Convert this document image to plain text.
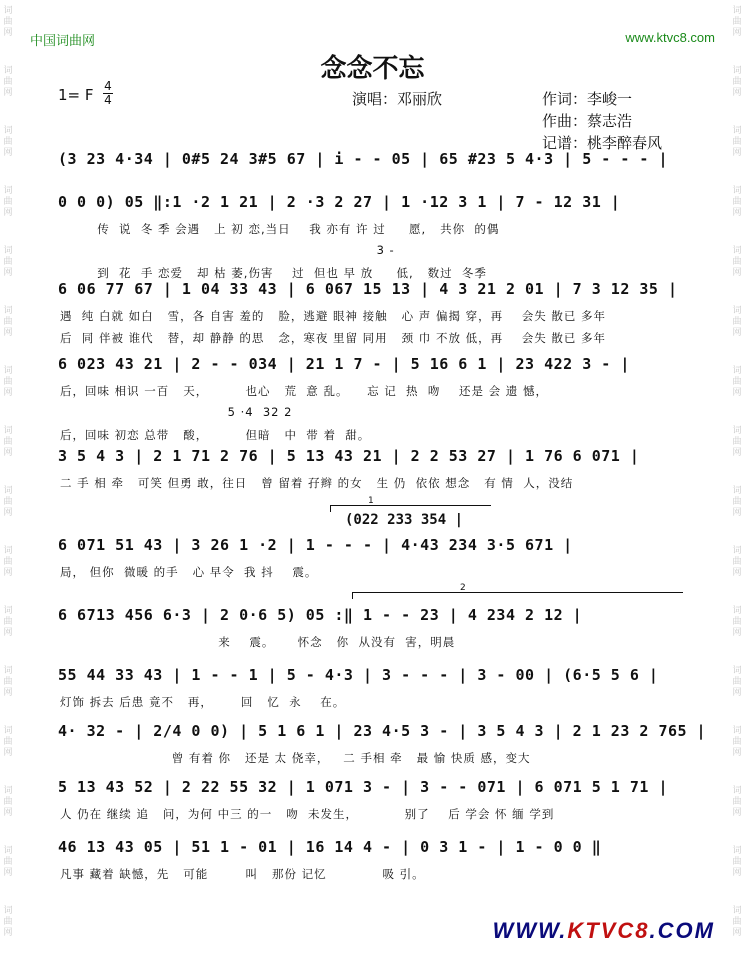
词
曲
网
词
曲
网
词
曲
网
词
曲
网
词
曲
网
词
曲
网
词
曲
网
词
曲
网
词
曲
网
词
曲
网
词
曲
网
词
曲
网
词
曲
网
词
曲
网
词
曲
网
词
曲
网
词
曲
网
词
曲
网
词
曲
网
词
曲
网
词
曲
网
词
曲
网
词
曲
网
词
曲
网
词
曲
网
词
曲
网
词
曲
网
词
曲
网
词
曲
网
词
曲
网
词
曲
网
词
曲
网
中国词曲网	www.ktvc8.com
念念不忘
1= F 4
4	演唱：邓丽欣	作词：李峻一
作曲：蔡志浩
记谱：桃李醉春风
(3 23 4·34 | 0#5 24 3#5 67 | i - - 05 | 65 #23 5 4·3 | 5 - - - |
0 0 0) 05 ‖:1 ·2 1 21 | 2 ·3 2 27 | 1 ·12 3 1 | 7 - 12 31 |
传  说  冬 季 会遇   上 初 恋,当日    我 亦有 许 过     愿,   共你  的偶
3 -
到  花  手 恋爱   却 枯 萎,伤害    过  但也 早 放     低,   数过  冬季
6 06 77 67 | 1 04 33 43 | 6 067 15 13 | 4 3 21 2 01 | 7 3 12 35 |
遇  纯 白就 如白   雪，各 自害 羞的   脸，逃避 眼神 接触   心 声 偏揭 穿，再    会失 散已 多年
后  同 伴被 谁代   替，却 静静 的思   念，寒夜 里留 同用   颈 巾 不放 低，再    会失 散已 多年
6 023 43 21 | 2 - - 034 | 21 1 7 - | 5 16 6 1 | 23 422 3 - |
后，回味 相识 一百   天，        也心   荒  意 乱。    忘 记  热  吻    还是 会 遗 憾，
5 ·4  32 2
后，回味 初恋 总带   酸，        但暗   中  带 着  甜。
3 5 4 3 | 2 1 71 2 76 | 5 13 43 21 | 2 2 53 27 | 1 76 6 071 |
二 手 相 牵   可笑 但勇 敢，往日   曾 留着 孖辫 的女   生 仍  依依 想念   有 情  人，没结
6 071 51 43 | 3 26 1 ·2 | 1 - - - | 4·43 234 3·5 671 |
局， 但你  微暖 的手   心 早令  我 抖    震。
6 6713 456 6·3 | 2 0·6 5) 05 :‖ 1 - - 23 | 4 234 2 12 |
来    震。     怀念   你  从没有  害，明晨
55 44 33 43 | 1 - - 1 | 5 - 4·3 | 3 - - - | 3 - 00 | (6·5 5 6 |
灯饰 拆去 后患 竟不   再，      回   忆  永    在。
4· 32 - | 2/4 0 0) | 5 1 6 1 | 23 4·5 3 - | 3 5 4 3 | 2 1 23 2 765 |
曾 有着 你   还是 太 侥幸，   二 手相 牵   最 愉 快质 感，变大
5 13 43 52 | 2 22 55 32 | 1 071 3 - | 3 - - 071 | 6 071 5 1 71 |
人 仍在 继续 追   问，为何 中三 的一   吻  未发生，          别了    后 学会 怀 缅 学到
46 13 43 05 | 51 1 - 01 | 16 14 4 - | 0 3 1 - | 1 - 0 0 ‖
凡事 藏着 缺憾，先   可能        叫   那份 记忆            吸 引。
1
(022 233 354 |
2
WWW.KTVC8.COM
